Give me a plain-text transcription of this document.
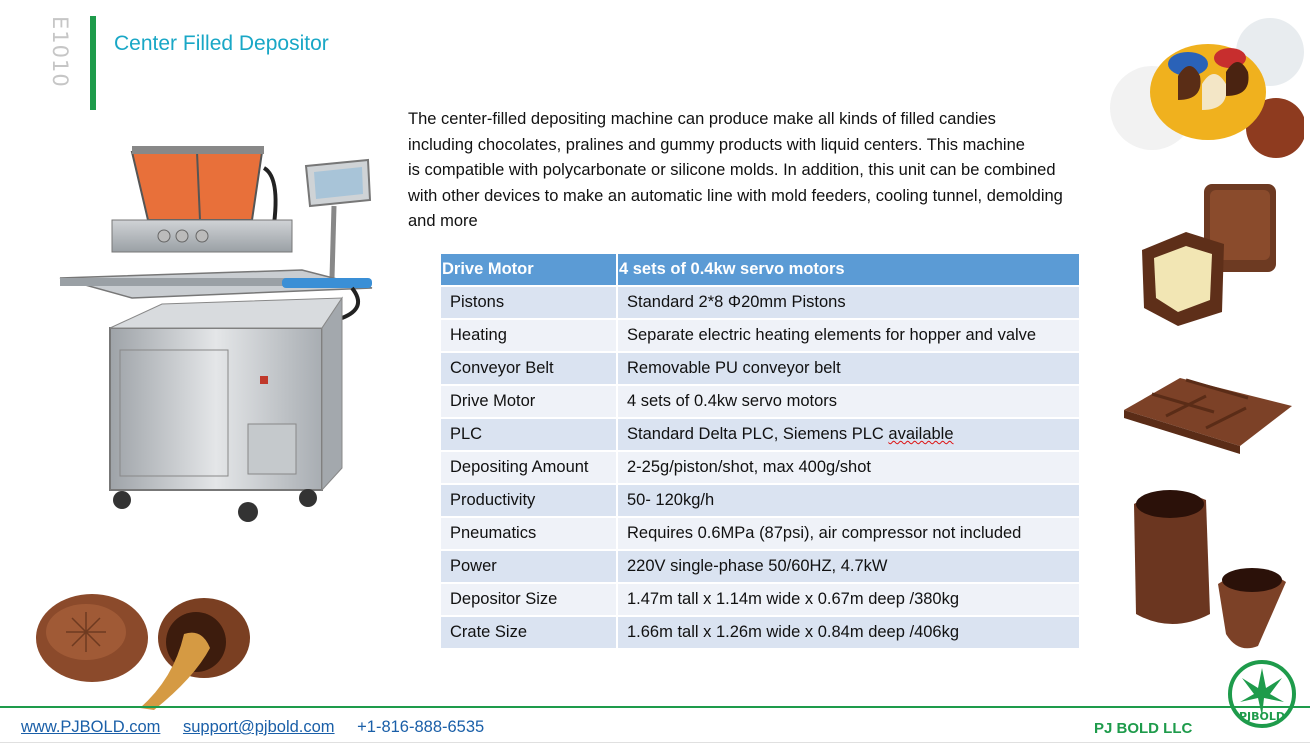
E1010 Center Filled Depositor
The center-filled depositing machine can produce make all kinds of filled candies
including chocolates, pralines and gummy products with liquid centers. This machine
is compatible with polycarbonate or silicone molds. In addition, this unit can be combined
with other devices to make an automatic line with mold feeders, cooling tunnel, demolding
and more
Drive Motor	4 sets of 0.4kw servo motors
Pistons	Standard 2*8 Φ20mm Pistons
Heating	Separate electric heating elements for hopper and valve
Conveyor Belt	Removable PU conveyor belt
Drive Motor	4 sets of 0.4kw servo motors
PLC	Standard Delta PLC, Siemens PLC available
Depositing Amount	2-25g/piston/shot, max 400g/shot
Productivity	50- 120kg/h
Pneumatics	Requires 0.6MPa (87psi), air compressor not included
Power	220V single-phase 50/60HZ, 4.7kW
Depositor Size	1.47m tall x 1.14m wide x 0.67m deep /380kg
Crate Size	1.66m tall x 1.26m wide x 0.84m deep /406kg
PJBOLD
www.PJBOLD.com support@pjbold.com +1-816-888-6535	PJ BOLD LLC
